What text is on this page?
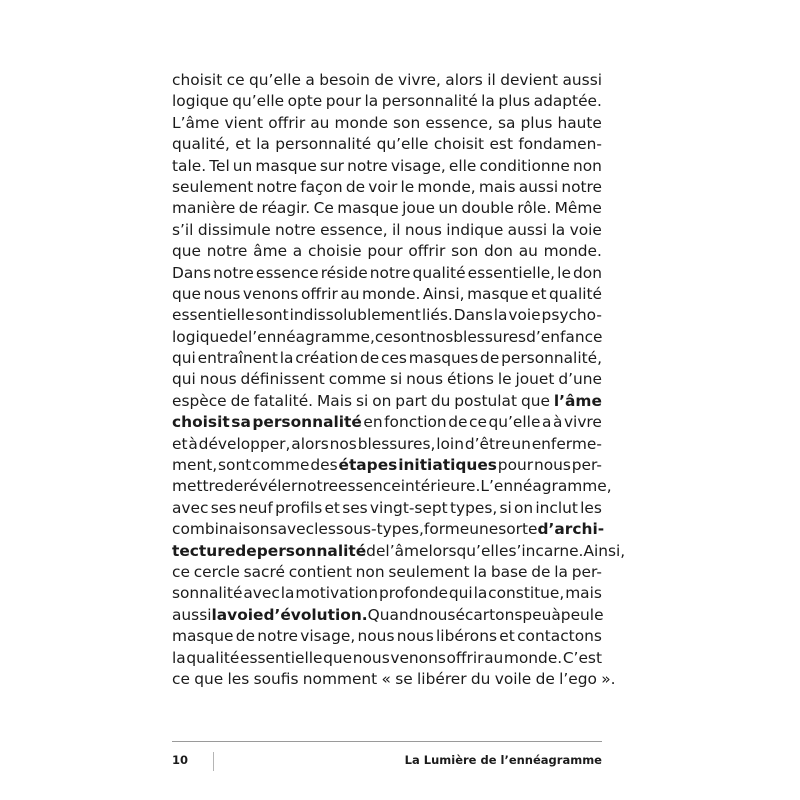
choisit ce qu’elle a besoin de vivre, alors il devient aussi
logique qu’elle opte pour la personnalité la plus adaptée.
L’âme vient offrir au monde son essence, sa plus haute
qualité, et la personnalité qu’elle choisit est fondamen-
tale. Tel un masque sur notre visage, elle conditionne non
seulement notre façon de voir le monde, mais aussi notre
manière de réagir. Ce masque joue un double rôle. Même
s’il dissimule notre essence, il nous indique aussi la voie
que notre âme a choisie pour offrir son don au monde.
Dans notre essence réside notre qualité essentielle, le don
que nous venons offrir au monde. Ainsi, masque et qualité
essentielle sont indissolublement liés. Dans la voie psycho-
logique de l’ennéagramme, ce sont nos blessures d’enfance
qui entraînent la création de ces masques de personnalité,
qui nous définissent comme si nous étions le jouet d’une
espèce de fatalité. Mais si on part du postulat que l’âme
choisit sa personnalité en fonction de ce qu’elle a à vivre
et à développer, alors nos blessures, loin d’être un enferme-
ment, sont comme des étapes initiatiques pour nous per-
mettre de révéler notre essence intérieure. L’ennéagramme,
avec ses neuf profils et ses vingt-sept types, si on inclut les
combinaisons avec les sous-types, forme une sorte d’archi-
tecture de personnalité de l’âme lorsqu’elle s’incarne. Ainsi,
ce cercle sacré contient non seulement la base de la per-
sonnalité avec la motivation profonde qui la constitue, mais
aussi la voie d’évolution. Quand nous écartons peu à peu le
masque de notre visage, nous nous libérons et contactons
la qualité essentielle que nous venons offrir au monde. C’est
ce que les soufis nomment « se libérer du voile de l’ego ».
10	La Lumière de l’ennéagramme
